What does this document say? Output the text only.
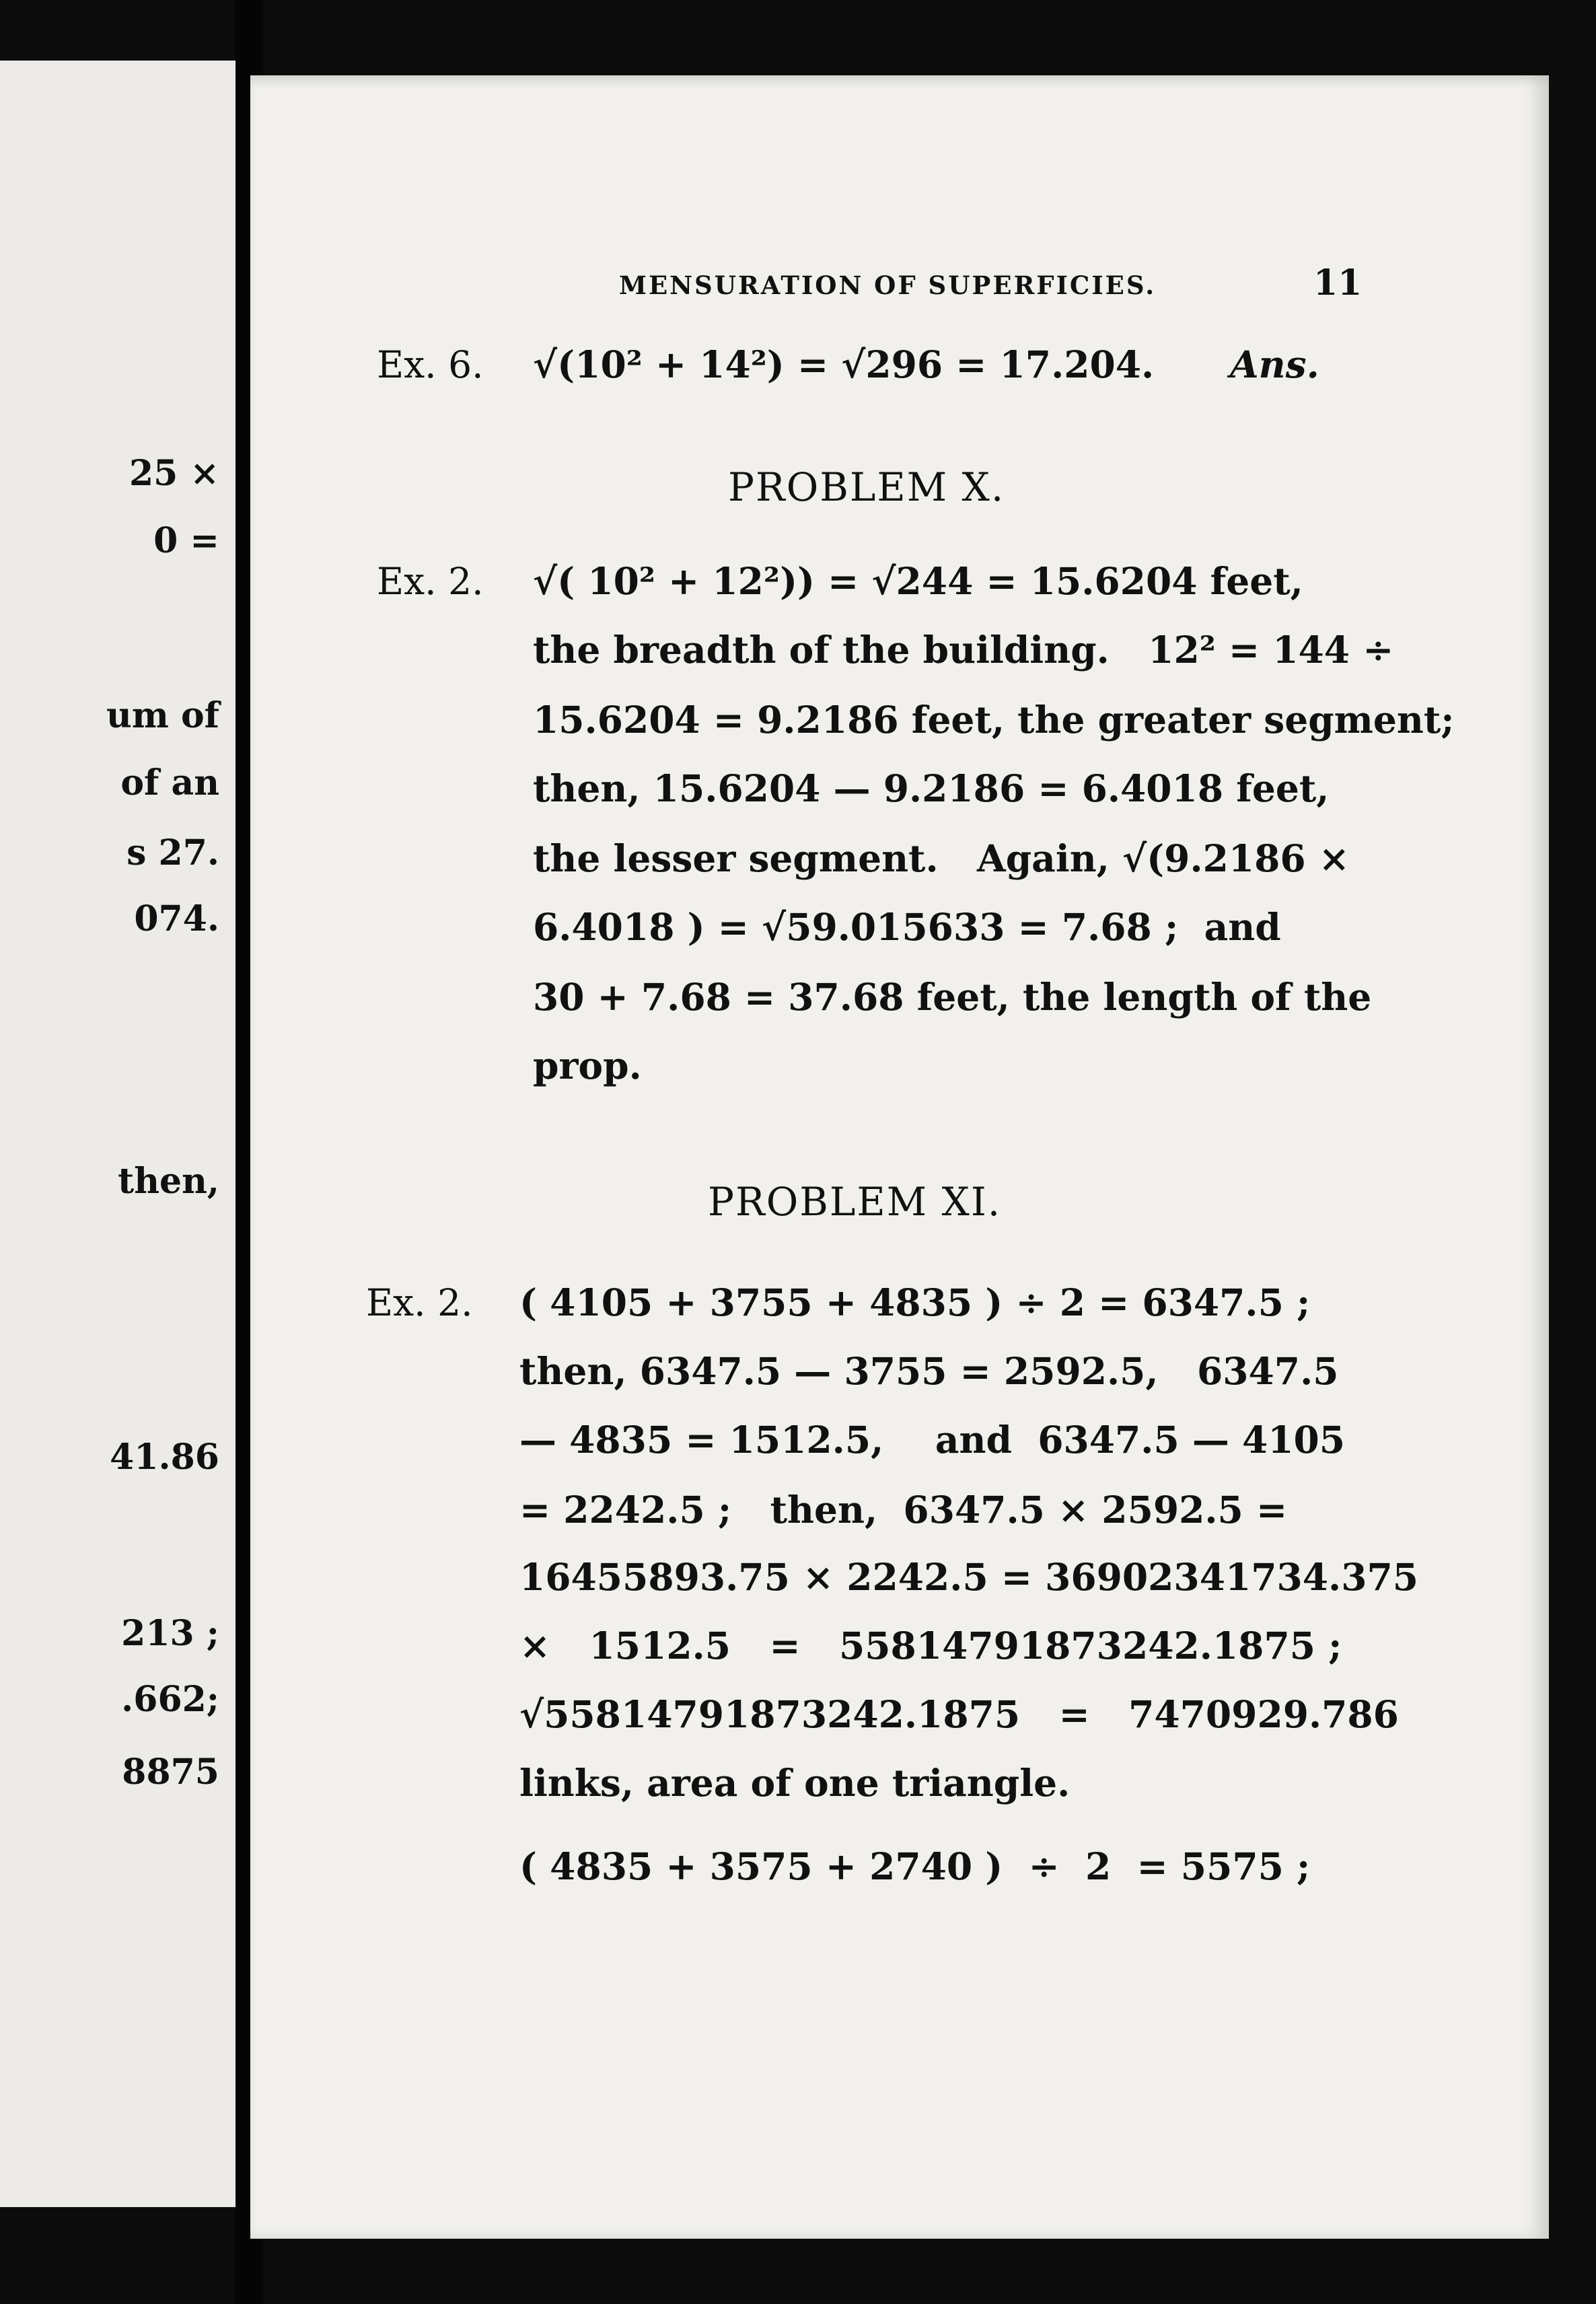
25 ×
0 =
um of
of an
s 27.
074.
then,
41.86
213 ;
.662;
8875
MENSURATION OF SUPERFICIES.	11
Ex. 6. √(10² + 14²) = √296 = 17.204. Ans.
PROBLEM X.
Ex. 2. √( 10² + 12²)) = √244 = 15.6204 feet,
the breadth of the building.   12² = 144 ÷
15.6204 = 9.2186 feet, the greater segment;
then, 15.6204 — 9.2186 = 6.4018 feet,
the lesser segment.   Again, √(9.2186 ×
6.4018 ) = √59.015633 = 7.68 ;  and
30 + 7.68 = 37.68 feet, the length of the
prop.
PROBLEM XI.
Ex. 2. ( 4105 + 3755 + 4835 ) ÷ 2 = 6347.5 ;
then, 6347.5 — 3755 = 2592.5,   6347.5
— 4835 = 1512.5,    and  6347.5 — 4105
= 2242.5 ;   then,  6347.5 × 2592.5 =
16455893.75 × 2242.5 = 36902341734.375
×   1512.5   =   55814791873242.1875 ;
√55814791873242.1875   =   7470929.786
links, area of one triangle.
( 4835 + 3575 + 2740 )  ÷  2  = 5575 ;
